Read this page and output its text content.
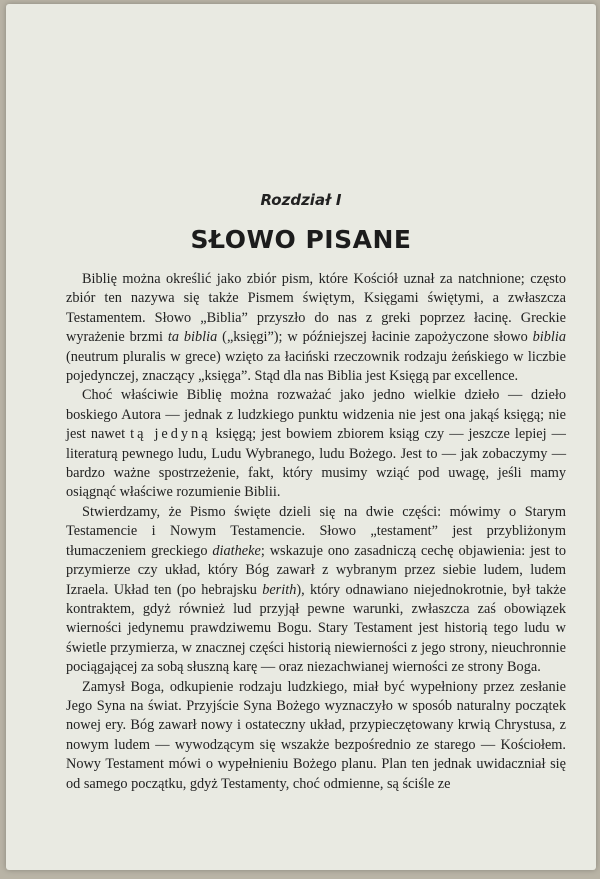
Rozdział I
SŁOWO PISANE

Biblię można określić jako zbiór pism, które Kościół uznał za natchnione; często zbiór ten nazywa się także Pismem świętym, Księgami świętymi, a zwłaszcza Testamentem. Słowo „Biblia” przyszło do nas z greki poprzez łacinę. Greckie wyrażenie brzmi ta biblia („księgi”); w późniejszej łacinie zapożyczone słowo biblia (neutrum pluralis w grece) wzięto za łaciński rzeczownik rodzaju żeńskiego w liczbie pojedynczej, znaczący „księga”. Stąd dla nas Biblia jest Księgą par excellence.

Choć właściwie Biblię można rozważać jako jedno wielkie dzieło — dzieło boskiego Autora — jednak z ludzkiego punktu widzenia nie jest ona jakąś księgą; nie jest nawet tą jedyną księgą; jest bowiem zbiorem ksiąg czy — jeszcze lepiej — literaturą pewnego ludu, Ludu Wybranego, ludu Bożego. Jest to — jak zobaczymy — bardzo ważne spostrzeżenie, fakt, który musimy wziąć pod uwagę, jeśli mamy osiągnąć właściwe rozumienie Biblii.

Stwierdzamy, że Pismo święte dzieli się na dwie części: mówimy o Starym Testamencie i Nowym Testamencie. Słowo „testament” jest przybliżonym tłumaczeniem greckiego diatheke; wskazuje ono zasadniczą cechę objawienia: jest to przymierze czy układ, który Bóg zawarł z wybranym przez siebie ludem, ludem Izraela. Układ ten (po hebrajsku berith), który odnawiano niejednokrotnie, był także kontraktem, gdyż również lud przyjął pewne warunki, zwłaszcza zaś obowiązek wierności jedynemu prawdziwemu Bogu. Stary Testament jest historią tego ludu w świetle przymierza, w znacznej części historią niewierności z jego strony, nieuchronnie pociągającej za sobą słuszną karę — oraz niezachwianej wierności ze strony Boga.

Zamysł Boga, odkupienie rodzaju ludzkiego, miał być wypełniony przez zesłanie Jego Syna na świat. Przyjście Syna Bożego wyznaczyło w sposób naturalny początek nowej ery. Bóg zawarł nowy i ostateczny układ, przypieczętowany krwią Chrystusa, z nowym ludem — wywodzącym się wszakże bezpośrednio ze starego — Kościołem. Nowy Testament mówi o wypełnieniu Bożego planu. Plan ten jednak uwidaczniał się od samego początku, gdyż Testamenty, choć odmienne, są ściśle ze
